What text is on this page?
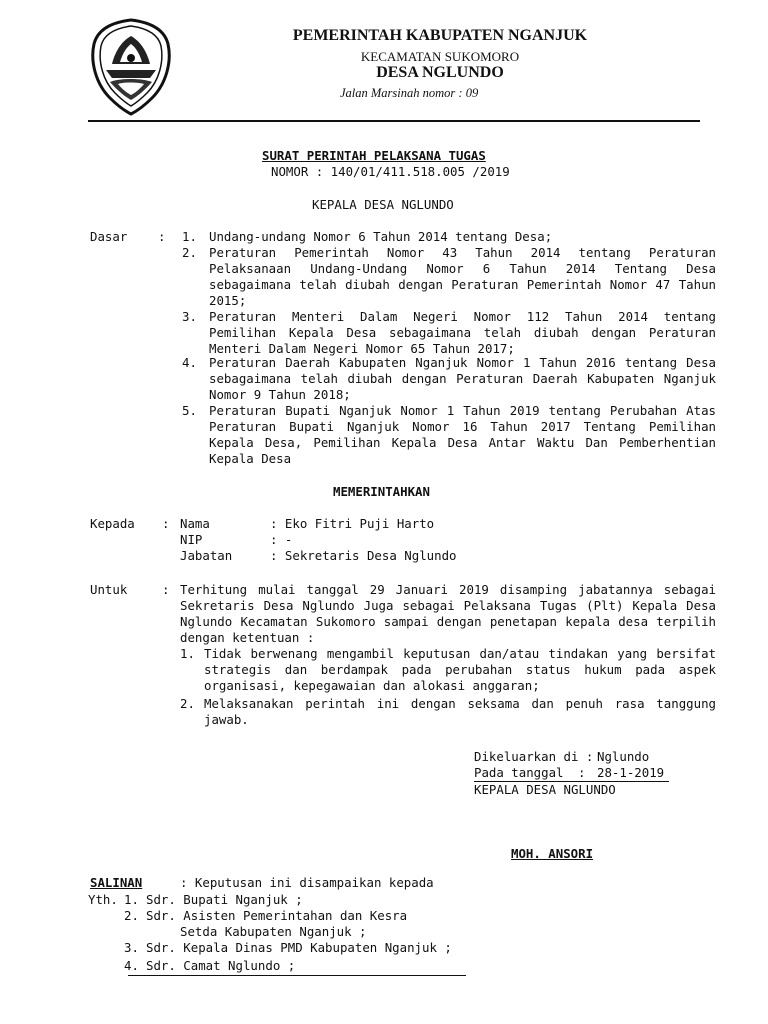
PEMERINTAH KABUPATEN NGANJUK
KECAMATAN SUKOMORO
DESA NGLUNDO
Jalan Marsinah nomor : 09
SURAT PERINTAH PELAKSANA TUGAS
NOMOR : 140/01/411.518.005 /2019
KEPALA DESA NGLUNDO
Dasar : 1. Undang-undang Nomor 6 Tahun 2014 tentang Desa;
2. Peraturan Pemerintah Nomor 43 Tahun 2014 tentang Peraturan
Pelaksanaan Undang-Undang Nomor 6 Tahun 2014 Tentang Desa
sebagaimana telah diubah dengan Peraturan Pemerintah Nomor 47 Tahun
2015;
3. Peraturan Menteri Dalam Negeri Nomor 112 Tahun 2014 tentang
Pemilihan Kepala Desa sebagaimana telah diubah dengan Peraturan
Menteri Dalam Negeri Nomor 65 Tahun 2017;
4. Peraturan Daerah Kabupaten Nganjuk Nomor 1 Tahun 2016 tentang Desa
sebagaimana telah diubah dengan Peraturan Daerah Kabupaten Nganjuk
Nomor 9 Tahun 2018;
5. Peraturan Bupati Nganjuk Nomor 1 Tahun 2019 tentang Perubahan Atas
Peraturan Bupati Nganjuk Nomor 16 Tahun 2017 Tentang Pemilihan
Kepala Desa, Pemilihan Kepala Desa Antar Waktu Dan Pemberhentian
Kepala Desa
MEMERINTAHKAN
Kepada : Nama	: Eko Fitri Puji Harto
NIP	: -
Jabatan	: Sekretaris Desa Nglundo
Untuk	: Terhitung mulai tanggal 29 Januari 2019 disamping jabatannya sebagai
Sekretaris Desa Nglundo Juga sebagai Pelaksana Tugas (Plt) Kepala Desa
Nglundo Kecamatan Sukomoro sampai dengan penetapan kepala desa terpilih
dengan ketentuan :
1. Tidak berwenang mengambil keputusan dan/atau tindakan yang bersifat
strategis dan berdampak pada perubahan status hukum pada aspek
organisasi, kepegawaian dan alokasi anggaran;
2. Melaksanakan perintah ini dengan seksama dan penuh rasa tanggung
jawab.
Dikeluarkan di : Nglundo
Pada tanggal : 28-1-2019
KEPALA DESA NGLUNDO
MOH. ANSORI
SALINAN	: Keputusan ini disampaikan kepada
Yth. 1. Sdr. Bupati Nganjuk ;
2. Sdr. Asisten Pemerintahan dan Kesra
Setda Kabupaten Nganjuk ;
3. Sdr. Kepala Dinas PMD Kabupaten Nganjuk ;
4. Sdr. Camat Nglundo ;
